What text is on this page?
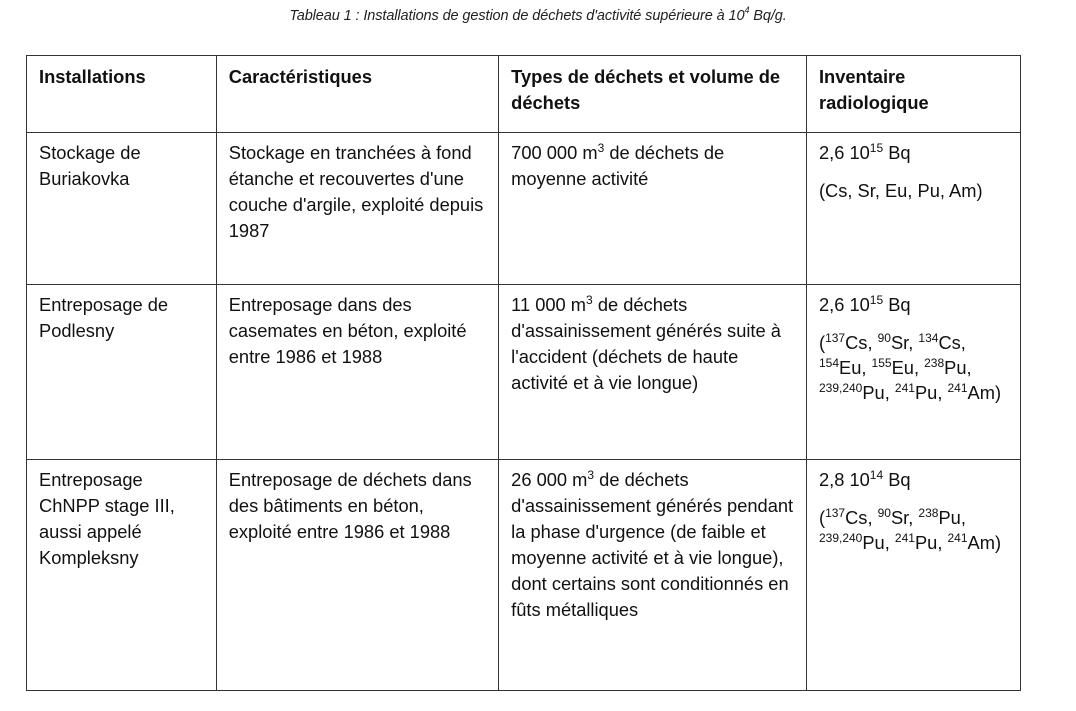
Tableau 1 : Installations de gestion de déchets d'activité supérieure à $10^4$ Bq/g.
Installations	Caractéristiques	Types de déchets et volume de déchets	Inventaire radiologique
Stockage de Buriakovka	Stockage en tranchées à fond étanche et recouvertes d'une couche d'argile, exploité depuis 1987	700 000 $m^3$ de déchets de moyenne activité	2,6 $10^{15}$ Bq
(Cs, Sr, Eu, Pu, Am)

Entreposage de Podlesny	Entreposage dans des casemates en béton, exploité entre 1986 et 1988	11 000 $m^3$ de déchets d'assainissement générés suite à l'accident (déchets de haute activité et à vie longue)	2,6 $10^{15}$ Bq
($^{137}$Cs, $^{90}$Sr, $^{134}$Cs, $^{154}$Eu, $^{155}$Eu, $^{238}$Pu, $^{239,240}$Pu, $^{241}$Pu, $^{241}$Am)

Entreposage ChNPP stage III, aussi appelé Kompleksny	Entreposage de déchets dans des bâtiments en béton, exploité entre 1986 et 1988	26 000 $m^3$ de déchets d'assainissement générés pendant la phase d'urgence (de faible et moyenne activité et à vie longue), dont certains sont conditionnés en fûts métalliques	2,8 $10^{14}$ Bq
($^{137}$Cs, $^{90}$Sr, $^{238}$Pu, $^{239,240}$Pu, $^{241}$Pu, $^{241}$Am)
